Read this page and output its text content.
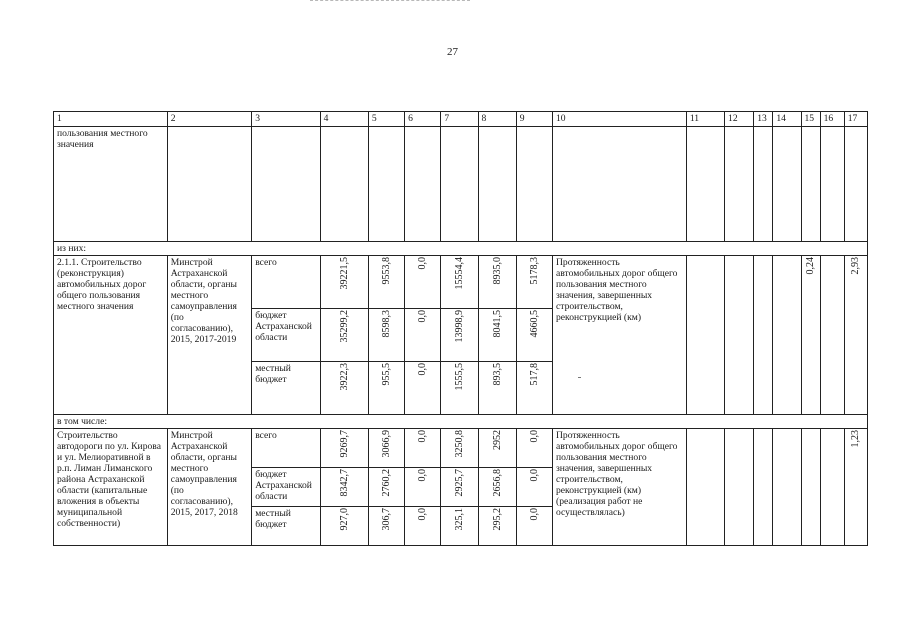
27
1	2	3	4	5	6	7	8	9	10	11	12	13	14	15	16	17
пользования местного значения																
из них:																
2.1.1. Строительство (реконструкция) автомобильных дорог общего пользования местного значения	Минстрой Астраханской области, органы местного самоуправления (по согласованию), 2015, 2017-2019	всего	39221,5	9553,8	0,0	15554,4	8935,0	5178,3	Протяженность автомобильных дорог общего пользования местного значения, завершенных строительством, реконструкцией (км)					0,24		2,93
		бюджет Астраханской области	35299,2	8598,3	0,0	13998,9	8041,5	4660,5								
		местный бюджет	3922,3	955,5	0,0	1555,5	893,5	517,8								
в том числе:																
Строительство автодороги по ул. Кирова и ул. Мелиоративной в р.п. Лиман Лиманского района Астраханской области (капитальные вложения в объекты муниципальной собственности)	Минстрой Астраханской области, органы местного самоуправления (по согласованию), 2015, 2017, 2018	всего	9269,7	3066,9	0,0	3250,8	2952	0,0	Протяженность автомобильных дорог общего пользования местного значения, завершенных строительством, реконструкцией (км) (реализация работ не осуществлялась)							1,23
		бюджет Астраханской области	8342,7	2760,2	0,0	2925,7	2656,8	0,0								
		местный бюджет	927,0	306,7	0,0	325,1	295,2	0,0								
